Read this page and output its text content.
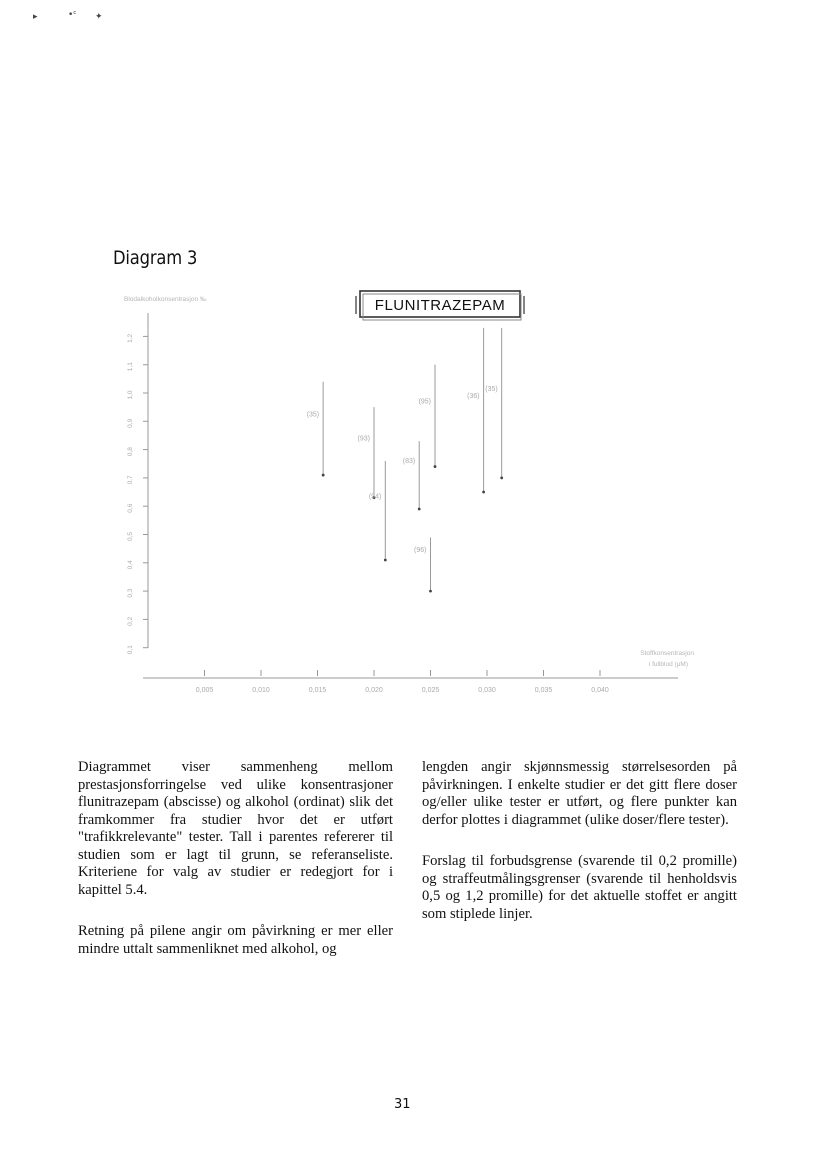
▸	•ᶜ ✦
Diagram 3
FLUNITRAZEPAM
Blodalkoholkonsentrasjon ‰
Stoffkonsentrasjon
i fullblod (µM)
0,1
0,2
0,3
0,4
0,5
0,6
0,7
0,8
0,9
1,0
1,1
1,2
0,005	0,010	0,015	0,020	0,025	0,030	0,035	0,040
(35)
(93)
(94)
(83)
(96)
(95)
(36)
(35)

Diagrammet viser sammenheng mellom prestasjonsforringelse ved ulike konsentrasjoner flunitrazepam (abscisse) og alkohol (ordinat) slik det framkommer fra studier hvor det er utført "trafikkrelevante" tester. Tall i parentes refererer til studien som er lagt til grunn, se referanseliste. Kriteriene for valg av studier er redegjort for i kapittel 5.4.

Retning på pilene angir om påvirkning er mer eller mindre uttalt sammenliknet med alkohol, og

lengden angir skjønnsmessig størrelsesorden på påvirkningen. I enkelte studier er det gitt flere doser og/eller ulike tester er utført, og flere punkter kan derfor plottes i diagrammet (ulike doser/flere tester).

Forslag til forbudsgrense (svarende til 0,2 promille) og straffeutmålingsgrenser (svarende til henholdsvis 0,5 og 1,2 promille) for det aktuelle stoffet er angitt som stiplede linjer.

31
